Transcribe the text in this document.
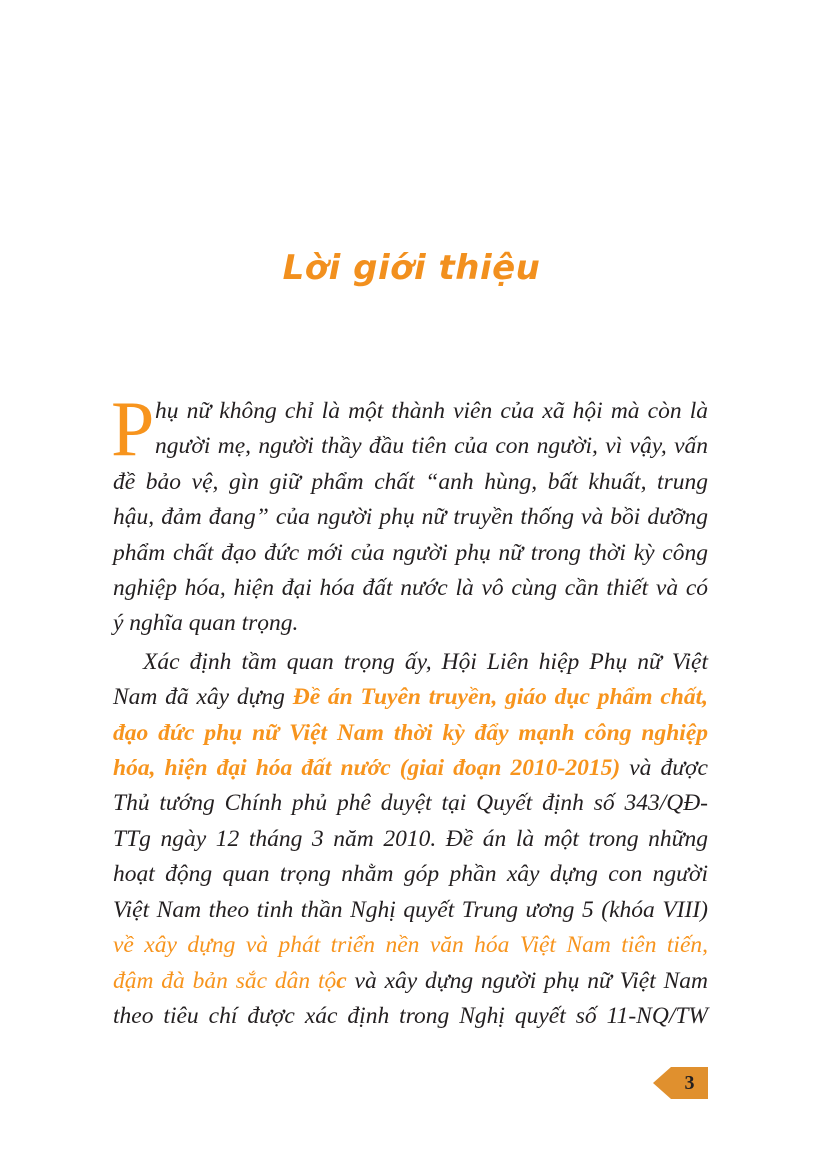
Lời giới thiệu
P hụ nữ không chỉ là một thành viên của xã hội mà còn là
người mẹ, người thầy đầu tiên của con người, vì vậy, vấn
đề bảo vệ, gìn giữ phẩm chất “anh hùng, bất khuất, trung
hậu, đảm đang” của người phụ nữ truyền thống và bồi dưỡng
phẩm chất đạo đức mới của người phụ nữ trong thời kỳ công
nghiệp hóa, hiện đại hóa đất nước là vô cùng cần thiết và có
ý nghĩa quan trọng.
Xác định tầm quan trọng ấy, Hội Liên hiệp Phụ nữ Việt
Nam đã xây dựng Đề án Tuyên truyền, giáo dục phẩm chất,
đạo đức phụ nữ Việt Nam thời kỳ đẩy mạnh công nghiệp
hóa, hiện đại hóa đất nước (giai đoạn 2010-2015) và được
Thủ tướng Chính phủ phê duyệt tại Quyết định số 343/QĐ-
TTg ngày 12 tháng 3 năm 2010. Đề án là một trong những
hoạt động quan trọng nhằm góp phần xây dựng con người
Việt Nam theo tinh thần Nghị quyết Trung ương 5 (khóa VIII)
về xây dựng và phát triển nền văn hóa Việt Nam tiên tiến,
đậm đà bản sắc dân tộc và xây dựng người phụ nữ Việt Nam
theo tiêu chí được xác định trong Nghị quyết số 11-NQ/TW
3
